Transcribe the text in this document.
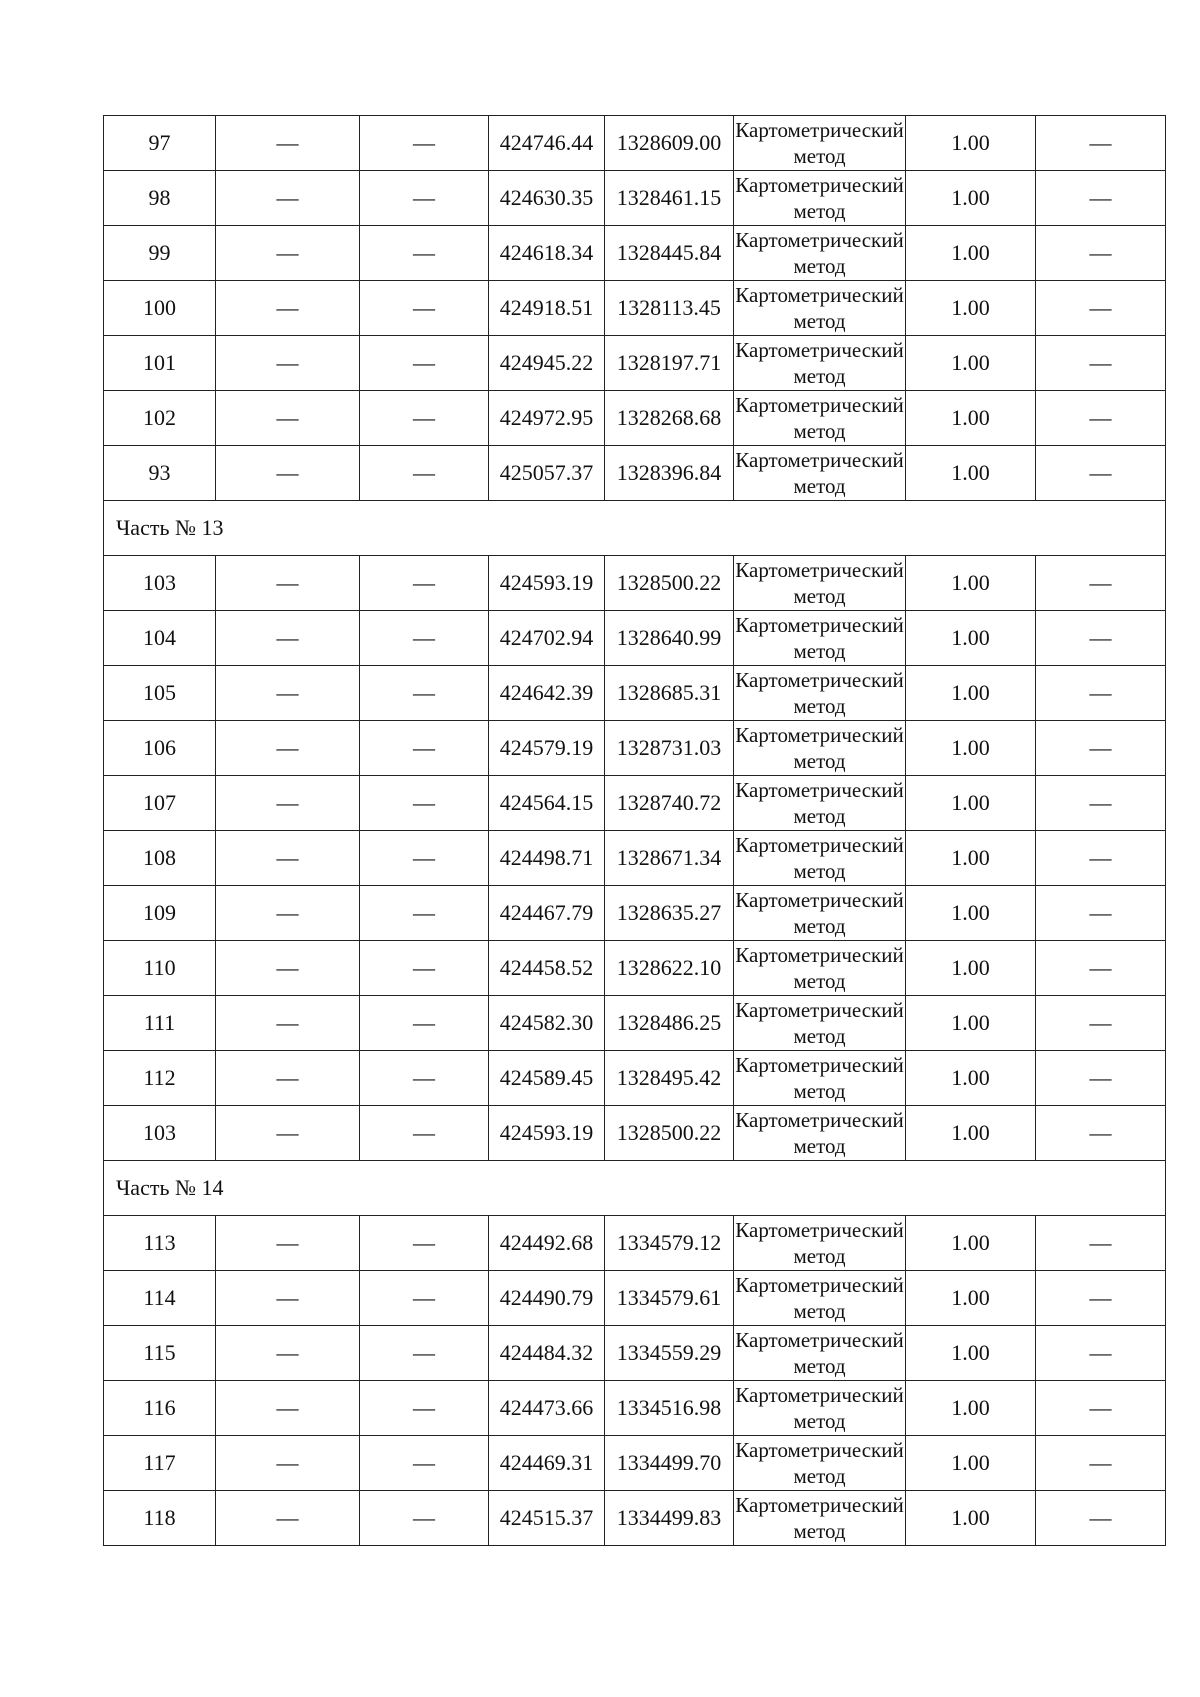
97	—	—	424746.44	1328609.00	Картометрический метод	1.00	—
98	—	—	424630.35	1328461.15	Картометрический метод	1.00	—
99	—	—	424618.34	1328445.84	Картометрический метод	1.00	—
100	—	—	424918.51	1328113.45	Картометрический метод	1.00	—
101	—	—	424945.22	1328197.71	Картометрический метод	1.00	—
102	—	—	424972.95	1328268.68	Картометрический метод	1.00	—
93	—	—	425057.37	1328396.84	Картометрический метод	1.00	—
Часть № 13							
103	—	—	424593.19	1328500.22	Картометрический метод	1.00	—
104	—	—	424702.94	1328640.99	Картометрический метод	1.00	—
105	—	—	424642.39	1328685.31	Картометрический метод	1.00	—
106	—	—	424579.19	1328731.03	Картометрический метод	1.00	—
107	—	—	424564.15	1328740.72	Картометрический метод	1.00	—
108	—	—	424498.71	1328671.34	Картометрический метод	1.00	—
109	—	—	424467.79	1328635.27	Картометрический метод	1.00	—
110	—	—	424458.52	1328622.10	Картометрический метод	1.00	—
111	—	—	424582.30	1328486.25	Картометрический метод	1.00	—
112	—	—	424589.45	1328495.42	Картометрический метод	1.00	—
103	—	—	424593.19	1328500.22	Картометрический метод	1.00	—
Часть № 14							
113	—	—	424492.68	1334579.12	Картометрический метод	1.00	—
114	—	—	424490.79	1334579.61	Картометрический метод	1.00	—
115	—	—	424484.32	1334559.29	Картометрический метод	1.00	—
116	—	—	424473.66	1334516.98	Картометрический метод	1.00	—
117	—	—	424469.31	1334499.70	Картометрический метод	1.00	—
118	—	—	424515.37	1334499.83	Картометрический метод	1.00	—
